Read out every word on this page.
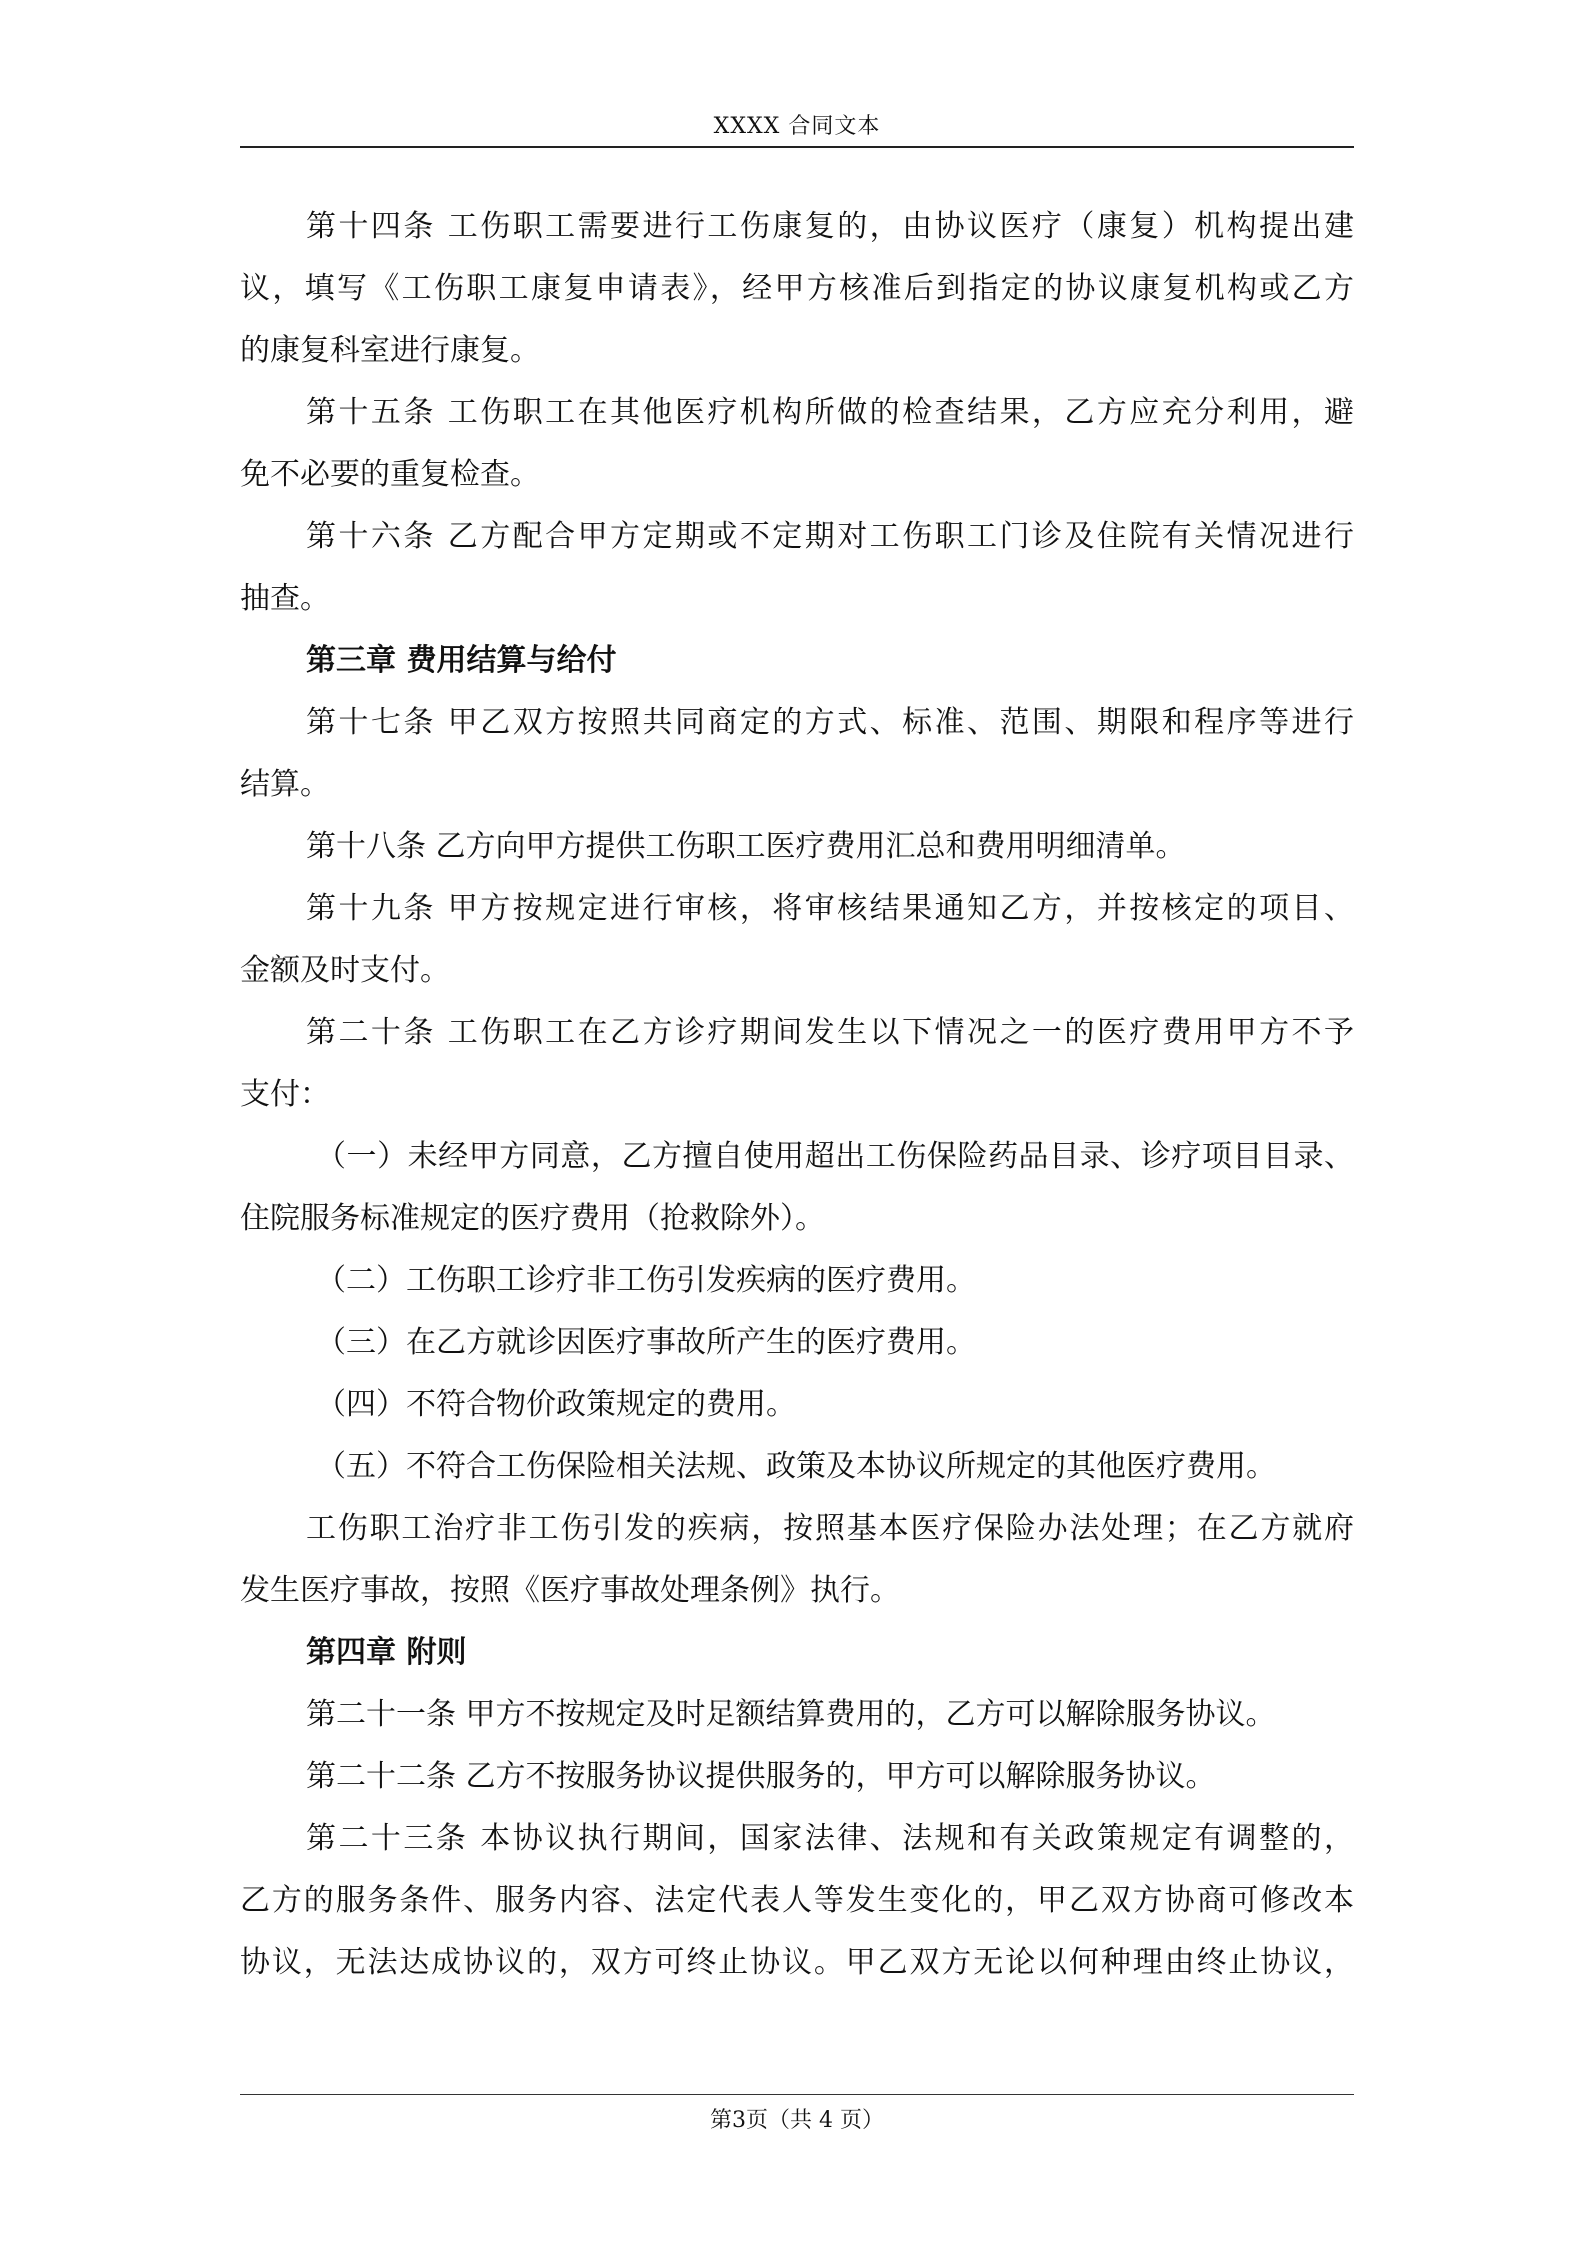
XXXX 合同文本
第十四条 工伤职工需要进行工伤康复的，由协议医疗（康复）机构提出建
议，填写《工伤职工康复申请表》，经甲方核准后到指定的协议康复机构或乙方
的康复科室进行康复。
第十五条 工伤职工在其他医疗机构所做的检查结果，乙方应充分利用，避
免不必要的重复检查。
第十六条 乙方配合甲方定期或不定期对工伤职工门诊及住院有关情况进行
抽查。
第三章 费用结算与给付
第十七条 甲乙双方按照共同商定的方式、标准、范围、期限和程序等进行
结算。
第十八条 乙方向甲方提供工伤职工医疗费用汇总和费用明细清单。
第十九条 甲方按规定进行审核，将审核结果通知乙方，并按核定的项目、
金额及时支付。
第二十条 工伤职工在乙方诊疗期间发生以下情况之一的医疗费用甲方不予
支付：
（一）未经甲方同意，乙方擅自使用超出工伤保险药品目录、诊疗项目目录、
住院服务标准规定的医疗费用（抢救除外）。
（二）工伤职工诊疗非工伤引发疾病的医疗费用。
（三）在乙方就诊因医疗事故所产生的医疗费用。
（四）不符合物价政策规定的费用。
（五）不符合工伤保险相关法规、政策及本协议所规定的其他医疗费用。
工伤职工治疗非工伤引发的疾病，按照基本医疗保险办法处理；在乙方就府
发生医疗事故，按照《医疗事故处理条例》执行。
第四章 附则
第二十一条 甲方不按规定及时足额结算费用的，乙方可以解除服务协议。
第二十二条 乙方不按服务协议提供服务的，甲方可以解除服务协议。
第二十三条 本协议执行期间，国家法律、法规和有关政策规定有调整的，
乙方的服务条件、服务内容、法定代表人等发生变化的，甲乙双方协商可修改本
协议，无法达成协议的，双方可终止协议。甲乙双方无论以何种理由终止协议，
第3页（共 4 页）
